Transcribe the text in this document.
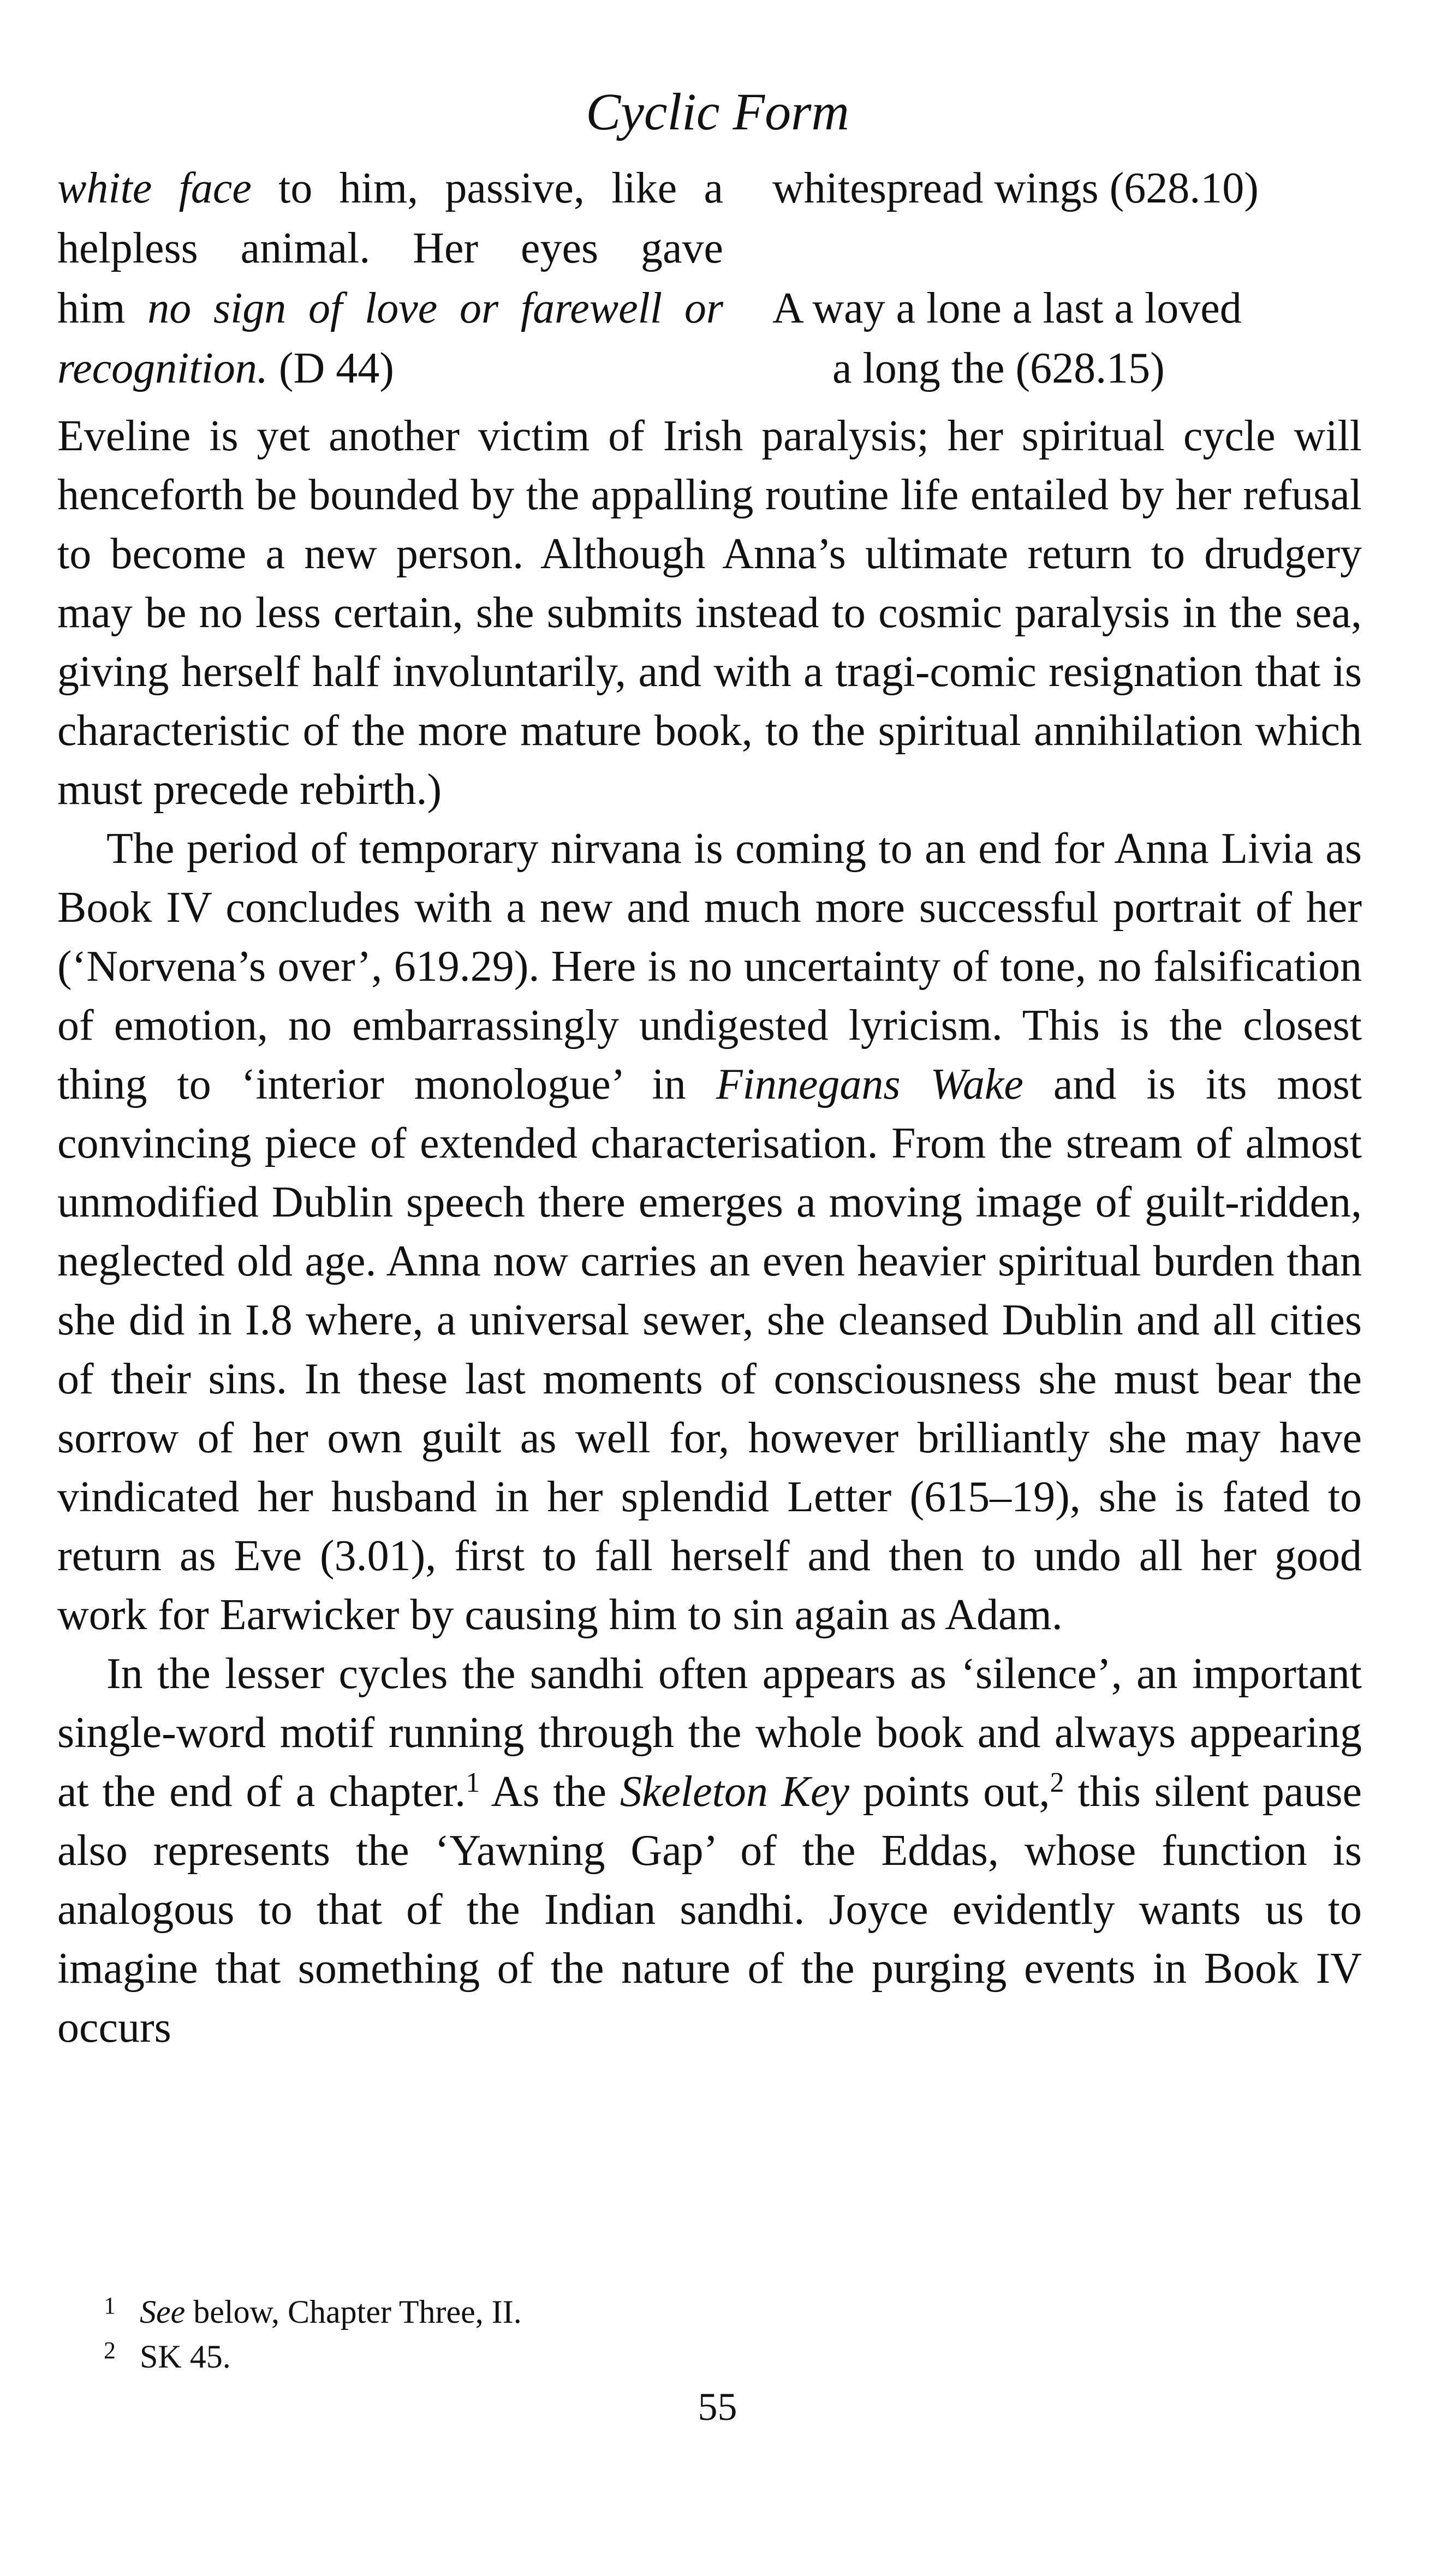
Cyclic Form
white face to him, passive, like a
helpless animal. Her eyes gave
him no sign of love or farewell or
recognition. (D 44)
whitespread wings (628.10)
A way a lone a last a loved
a long the (628.15)

Eveline is yet another victim of Irish paralysis; her spiritual cycle will henceforth be bounded by the appalling routine life entailed by her refusal to become a new person. Although Anna’s ultimate return to drudgery may be no less certain, she submits instead to cosmic paralysis in the sea, giving herself half involuntarily, and with a tragi-comic resignation that is characteristic of the more mature book, to the spiritual annihilation which must precede rebirth.)

The period of temporary nirvana is coming to an end for Anna Livia as Book IV concludes with a new and much more successful portrait of her (‘Norvena’s over’, 619.29). Here is no uncertainty of tone, no falsification of emotion, no embarrassingly undigested lyricism. This is the closest thing to ‘interior monologue’ in Finnegans Wake and is its most convincing piece of extended characterisation. From the stream of almost unmodified Dublin speech there emerges a moving image of guilt-ridden, neglected old age. Anna now carries an even heavier spiritual burden than she did in I.8 where, a universal sewer, she cleansed Dublin and all cities of their sins. In these last moments of consciousness she must bear the sorrow of her own guilt as well for, however brilliantly she may have vindicated her husband in her splendid Letter (615–19), she is fated to return as Eve (3.01), first to fall herself and then to undo all her good work for Earwicker by causing him to sin again as Adam.

In the lesser cycles the sandhi often appears as ‘silence’, an important single-word motif running through the whole book and always appearing at the end of a chapter.$^1$ As the Skeleton Key points out,$^2$ this silent pause also represents the ‘Yawning Gap’ of the Eddas, whose function is analogous to that of the Indian sandhi. Joyce evidently wants us to imagine that something of the nature of the purging events in Book IV occurs

1 See below, Chapter Three, II.
2 SK 45.
55
